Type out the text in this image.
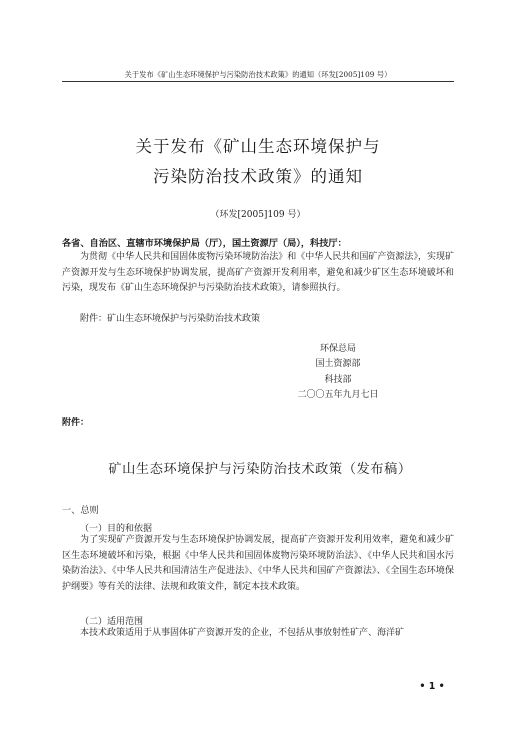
关于发布《矿山生态环境保护与污染防治技术政策》的通知（环发[2005]109 号）
关于发布《矿山生态环境保护与
污染防治技术政策》的通知
（环发[2005]109 号）
各省、自治区、直辖市环境保护局（厅），国土资源厅（局），科技厅：
为贯彻《中华人民共和国固体废物污染环境防治法》和《中华人民共和国矿产资源法》，实现矿产资源开发与生态环境保护协调发展，提高矿产资源开发利用率，避免和减少矿区生态环境破坏和污染，现发布《矿山生态环境保护与污染防治技术政策》，请参照执行。
附件：矿山生态环境保护与污染防治技术政策
环保总局
国土资源部
科技部
二〇〇五年九月七日
附件：
矿山生态环境保护与污染防治技术政策（发布稿）
一、总则
（一）目的和依据
为了实现矿产资源开发与生态环境保护协调发展，提高矿产资源开发利用效率，避免和减少矿区生态环境破坏和污染，根据《中华人民共和国固体废物污染环境防治法》、《中华人民共和国水污染防治法》、《中华人民共和国清洁生产促进法》、《中华人民共和国矿产资源法》、《全国生态环境保护纲要》等有关的法律、法规和政策文件，制定本技术政策。
（二）适用范围
本技术政策适用于从事固体矿产资源开发的企业，不包括从事放射性矿产、海洋矿
• 1 •
